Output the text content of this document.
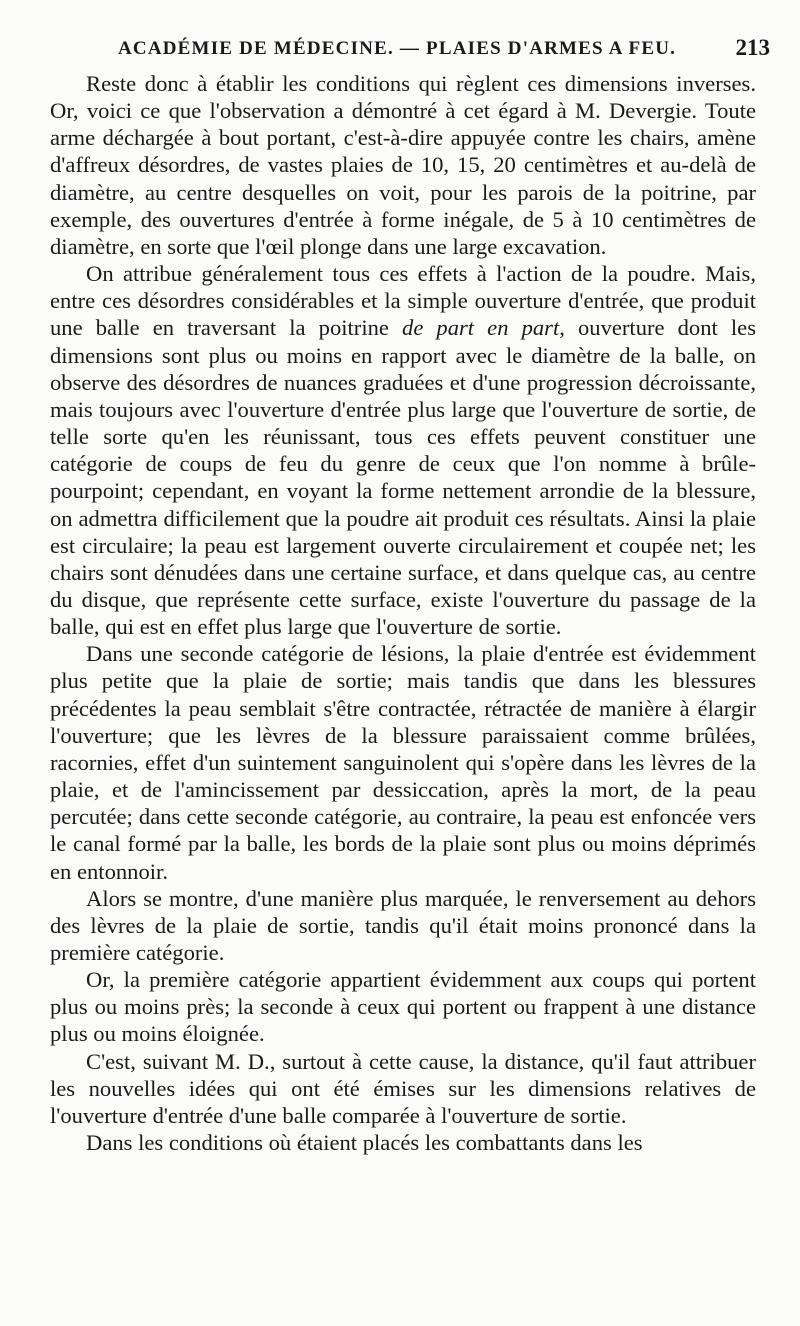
ACADÉMIE DE MÉDECINE. — PLAIES D'ARMES A FEU.	213

Reste donc à établir les conditions qui règlent ces dimensions inverses. Or, voici ce que l'observation a démontré à cet égard à M. Devergie. Toute arme déchargée à bout portant, c'est-à-dire appuyée contre les chairs, amène d'affreux désordres, de vastes plaies de 10, 15, 20 centimètres et au-delà de diamètre, au centre desquelles on voit, pour les parois de la poitrine, par exemple, des ouvertures d'entrée à forme inégale, de 5 à 10 centimètres de diamètre, en sorte que l'œil plonge dans une large excavation.

On attribue généralement tous ces effets à l'action de la poudre. Mais, entre ces désordres considérables et la simple ouverture d'entrée, que produit une balle en traversant la poitrine de part en part, ouverture dont les dimensions sont plus ou moins en rapport avec le diamètre de la balle, on observe des désordres de nuances graduées et d'une progression décroissante, mais toujours avec l'ouverture d'entrée plus large que l'ouverture de sortie, de telle sorte qu'en les réunissant, tous ces effets peuvent constituer une catégorie de coups de feu du genre de ceux que l'on nomme à brûle-pourpoint; cependant, en voyant la forme nettement arrondie de la blessure, on admettra difficilement que la poudre ait produit ces résultats. Ainsi la plaie est circulaire; la peau est largement ouverte circulairement et coupée net; les chairs sont dénudées dans une certaine surface, et dans quelque cas, au centre du disque, que représente cette surface, existe l'ouverture du passage de la balle, qui est en effet plus large que l'ouverture de sortie.

Dans une seconde catégorie de lésions, la plaie d'entrée est évidemment plus petite que la plaie de sortie; mais tandis que dans les blessures précédentes la peau semblait s'être contractée, rétractée de manière à élargir l'ouverture; que les lèvres de la blessure paraissaient comme brûlées, racornies, effet d'un suintement sanguinolent qui s'opère dans les lèvres de la plaie, et de l'amincissement par dessiccation, après la mort, de la peau percutée; dans cette seconde catégorie, au contraire, la peau est enfoncée vers le canal formé par la balle, les bords de la plaie sont plus ou moins déprimés en entonnoir.

Alors se montre, d'une manière plus marquée, le renversement au dehors des lèvres de la plaie de sortie, tandis qu'il était moins prononcé dans la première catégorie.

Or, la première catégorie appartient évidemment aux coups qui portent plus ou moins près; la seconde à ceux qui portent ou frappent à une distance plus ou moins éloignée.

C'est, suivant M. D., surtout à cette cause, la distance, qu'il faut attribuer les nouvelles idées qui ont été émises sur les dimensions relatives de l'ouverture d'entrée d'une balle comparée à l'ouverture de sortie.

Dans les conditions où étaient placés les combattants dans les
